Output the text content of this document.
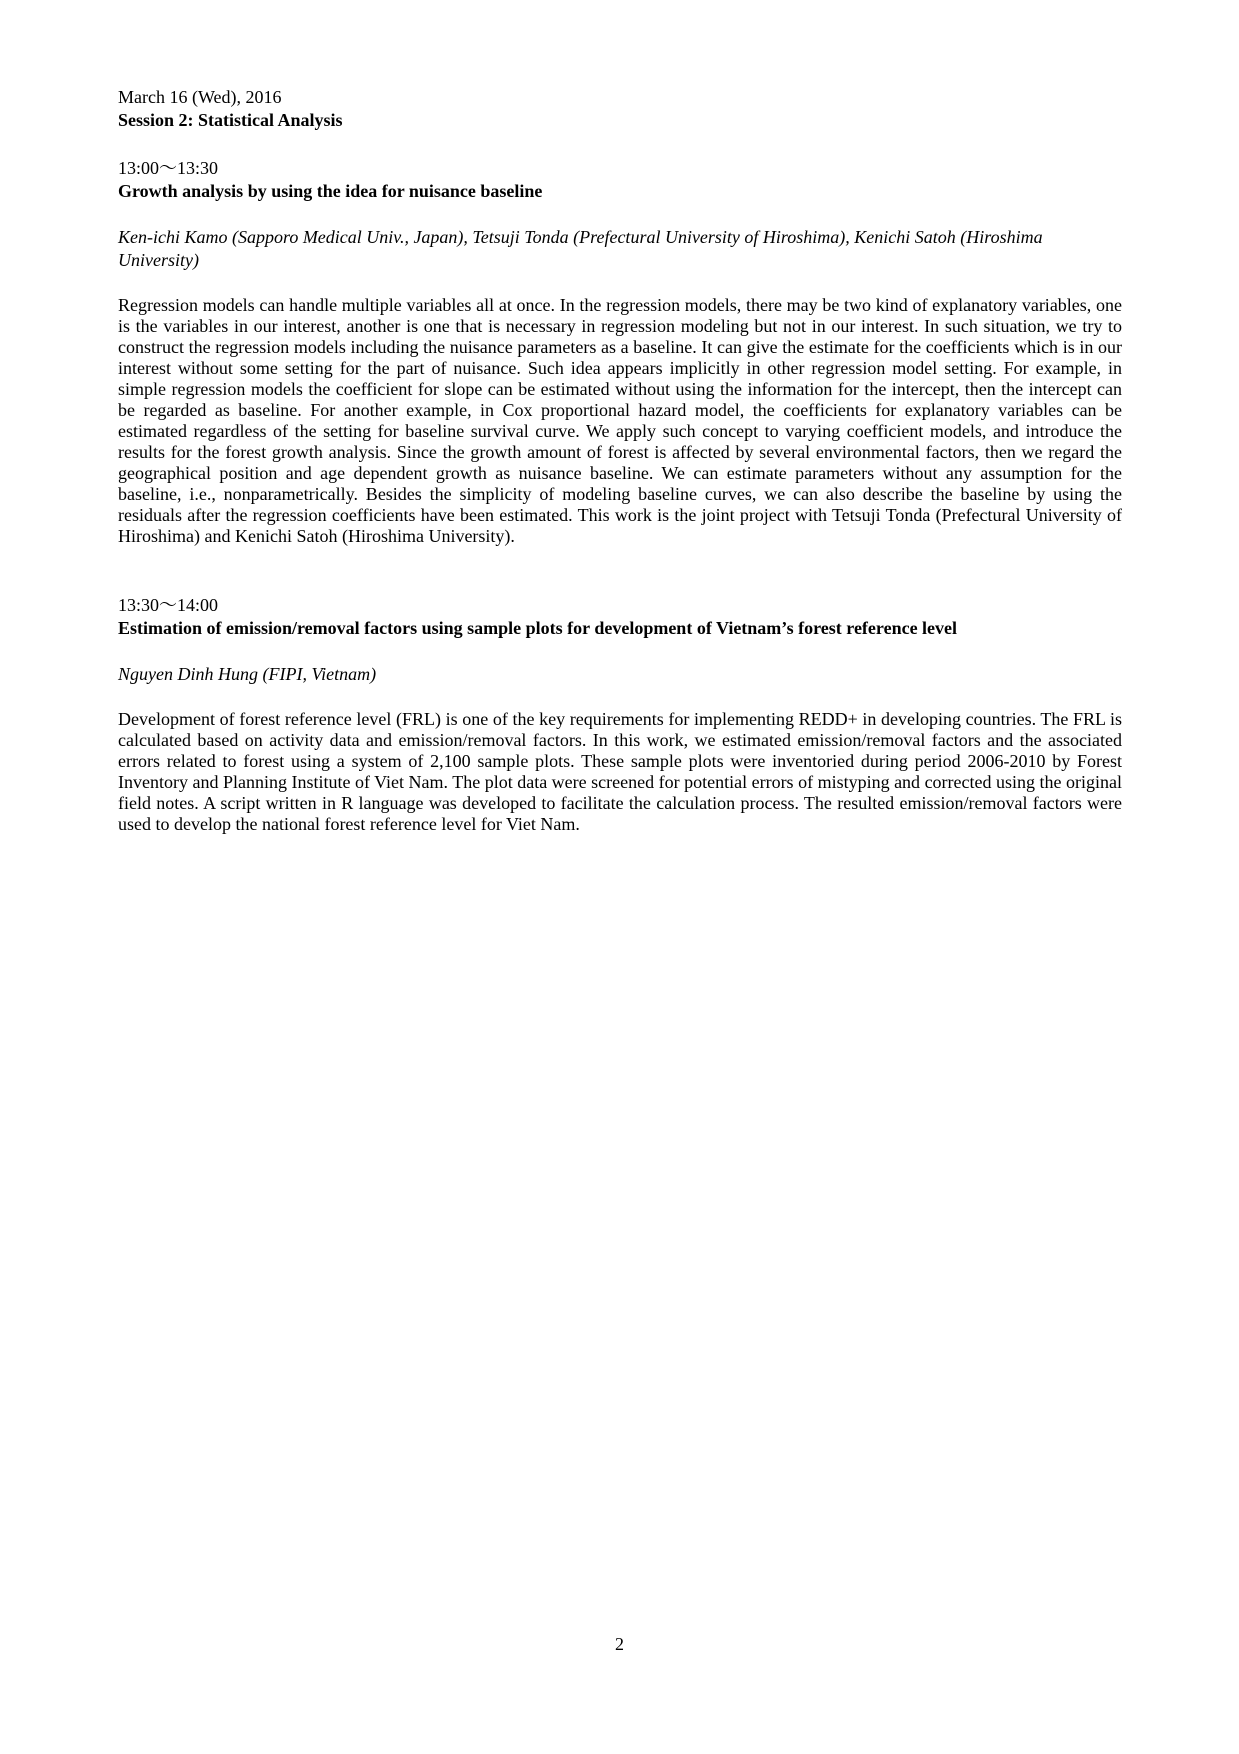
March 16 (Wed), 2016

Session 2: Statistical Analysis

13:00〜13:30

Growth analysis by using the idea for nuisance baseline

Ken-ichi Kamo (Sapporo Medical Univ., Japan), Tetsuji Tonda (Prefectural University of Hiroshima), Kenichi Satoh (Hiroshima University)

Regression models can handle multiple variables all at once. In the regression models, there may be two kind of explanatory variables, one is the variables in our interest, another is one that is necessary in regression modeling but not in our interest. In such situation, we try to construct the regression models including the nuisance parameters as a baseline. It can give the estimate for the coefficients which is in our interest without some setting for the part of nuisance. Such idea appears implicitly in other regression model setting. For example, in simple regression models the coefficient for slope can be estimated without using the information for the intercept, then the intercept can be regarded as baseline. For another example, in Cox proportional hazard model, the coefficients for explanatory variables can be estimated regardless of the setting for baseline survival curve. We apply such concept to varying coefficient models, and introduce the results for the forest growth analysis. Since the growth amount of forest is affected by several environmental factors, then we regard the geographical position and age dependent growth as nuisance baseline. We can estimate parameters without any assumption for the baseline, i.e., nonparametrically. Besides the simplicity of modeling baseline curves, we can also describe the baseline by using the residuals after the regression coefficients have been estimated. This work is the joint project with Tetsuji Tonda (Prefectural University of Hiroshima) and Kenichi Satoh (Hiroshima University).

13:30〜14:00

Estimation of emission/removal factors using sample plots for development of Vietnam’s forest reference level

Nguyen Dinh Hung (FIPI, Vietnam)

Development of forest reference level (FRL) is one of the key requirements for implementing REDD+ in developing countries. The FRL is calculated based on activity data and emission/removal factors. In this work, we estimated emission/removal factors and the associated errors related to forest using a system of 2,100 sample plots. These sample plots were inventoried during period 2006-2010 by Forest Inventory and Planning Institute of Viet Nam. The plot data were screened for potential errors of mistyping and corrected using the original field notes. A script written in R language was developed to facilitate the calculation process. The resulted emission/removal factors were used to develop the national forest reference level for Viet Nam.

2
